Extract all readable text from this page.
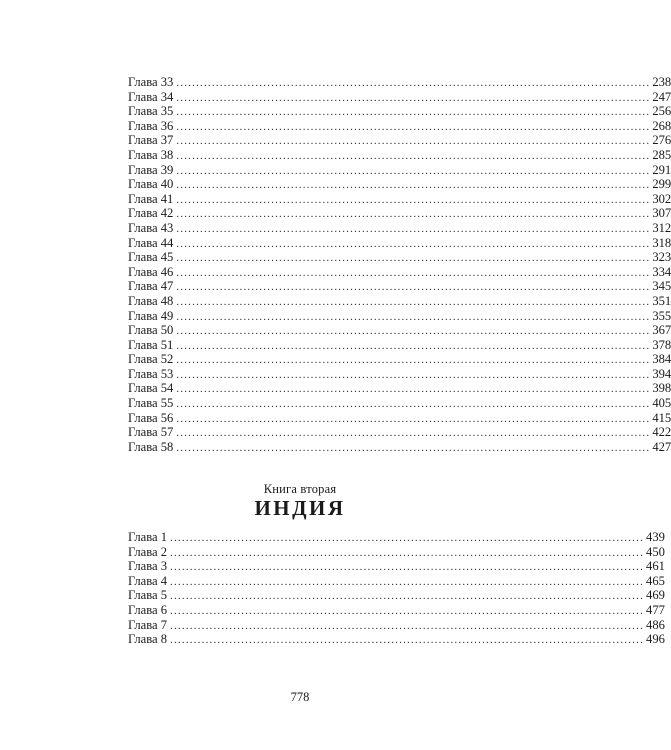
Глава 33 ........................................................................................................................ 238
Глава 34 ........................................................................................................................ 247
Глава 35 ........................................................................................................................ 256
Глава 36 ........................................................................................................................ 268
Глава 37 ........................................................................................................................ 276
Глава 38 ........................................................................................................................ 285
Глава 39 ........................................................................................................................ 291
Глава 40 ........................................................................................................................ 299
Глава 41 ........................................................................................................................ 302
Глава 42 ........................................................................................................................ 307
Глава 43 ........................................................................................................................ 312
Глава 44 ........................................................................................................................ 318
Глава 45 ........................................................................................................................ 323
Глава 46 ........................................................................................................................ 334
Глава 47 ........................................................................................................................ 345
Глава 48 ........................................................................................................................ 351
Глава 49 ........................................................................................................................ 355
Глава 50 ........................................................................................................................ 367
Глава 51 ........................................................................................................................ 378
Глава 52 ........................................................................................................................ 384
Глава 53 ........................................................................................................................ 394
Глава 54 ........................................................................................................................ 398
Глава 55 ........................................................................................................................ 405
Глава 56 ........................................................................................................................ 415
Глава 57 ........................................................................................................................ 422
Глава 58 ........................................................................................................................ 427
Книга вторая
ИНДИЯ
Глава 1 ........................................................................................................................ 439
Глава 2 ........................................................................................................................ 450
Глава 3 ........................................................................................................................ 461
Глава 4 ........................................................................................................................ 465
Глава 5 ........................................................................................................................ 469
Глава 6 ........................................................................................................................ 477
Глава 7 ........................................................................................................................ 486
Глава 8 ........................................................................................................................ 496
778
